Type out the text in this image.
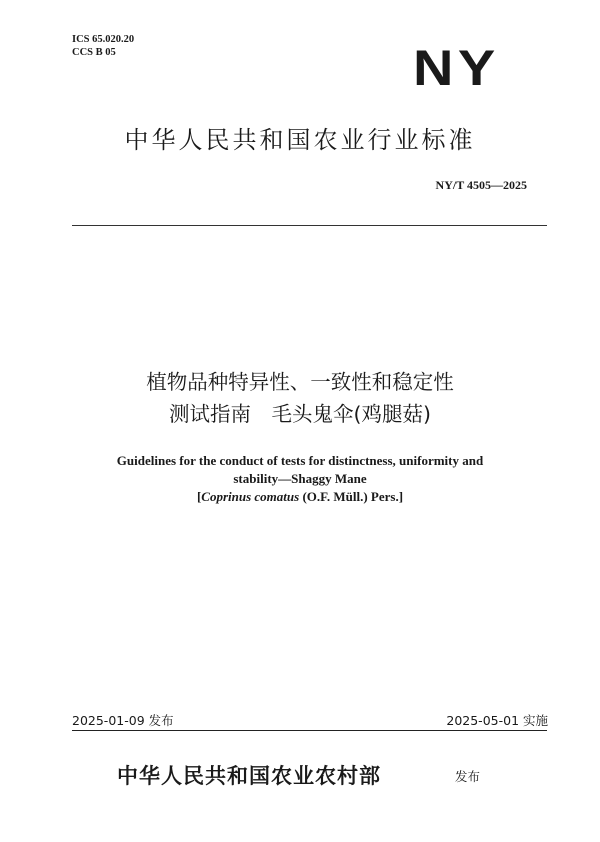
ICS 65.020.20
CCS B 05	NY
中华人民共和国农业行业标准
NY/T 4505—2025
植物品种特异性、一致性和稳定性
测试指南　毛头鬼伞(鸡腿菇)
Guidelines for the conduct of tests for distinctness, uniformity and
stability—Shaggy Mane
[Coprinus comatus (O.F. Müll.) Pers.]
2025-01-09 发布	2025-05-01 实施
中华人民共和国农业农村部	发布
